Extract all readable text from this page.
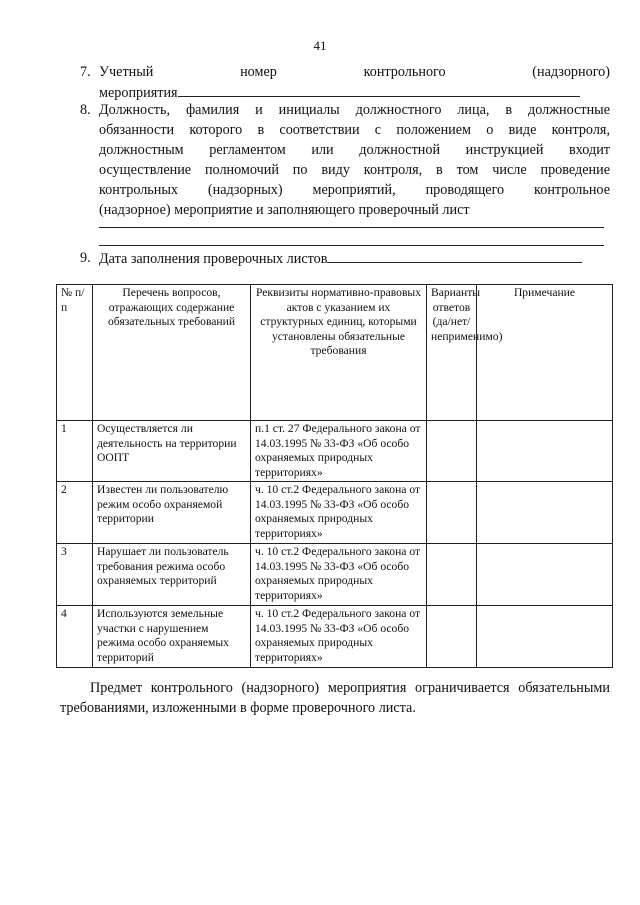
41
7. Учетный	номер	контрольного	(надзорного)
мероприятия
8. Должность, фамилия и инициалы должностного лица, в должностные
обязанности которого в соответствии с положением о виде контроля,
должностным регламентом или должностной инструкцией входит
осуществление полномочий по виду контроля, в том числе проведение
контрольных (надзорных) мероприятий, проводящего контрольное
(надзорное) мероприятие и заполняющего проверочный лист
9. Дата заполнения проверочных листов
№ п/п	Перечень вопросов, отражающих содержание обязательных требований	Реквизиты нормативно-правовых актов с указанием их структурных единиц, которыми установлены обязательные требования	Варианты ответов (да/нет/неприменимо)	Примечание
1	Осуществляется ли деятельность на территории ООПТ	п.1 ст. 27 Федерального закона от 14.03.1995 № 33-ФЗ «Об особо охраняемых природных территориях»		
2	Известен ли пользователю режим особо охраняемой территории	ч. 10 ст.2 Федерального закона от 14.03.1995 № 33-ФЗ «Об особо охраняемых природных территориях»		
3	Нарушает ли пользователь требования режима особо охраняемых территорий	ч. 10 ст.2 Федерального закона от 14.03.1995 № 33-ФЗ «Об особо охраняемых природных территориях»		
4	Используются земельные участки с нарушением режима особо охраняемых территорий	ч. 10 ст.2 Федерального закона от 14.03.1995 № 33-ФЗ «Об особо охраняемых природных территориях»		
Предмет контрольного (надзорного) мероприятия ограничивается обязательными требованиями, изложенными в форме проверочного листа.
